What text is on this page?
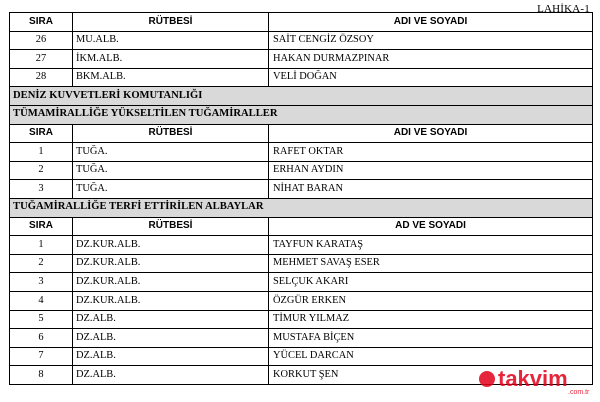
LAHİKA-1
SIRA	RÜTBESİ	ADI VE SOYADI
26	MU.ALB.	SAİT CENGİZ ÖZSOY
27	İKM.ALB.	HAKAN DURMAZPINAR
28	BKM.ALB.	VELİ DOĞAN
DENİZ KUVVETLERİ KOMUTANLIĞI		
TÜMAMİRALLİĞE YÜKSELTİLEN TUĞAMİRALLER		
SIRA	RÜTBESİ	ADI VE SOYADI
1	TUĞA.	RAFET OKTAR
2	TUĞA.	ERHAN AYDIN
3	TUĞA.	NİHAT BARAN
TUĞAMİRALLİĞE TERFİ ETTİRİLEN ALBAYLAR		
SIRA	RÜTBESİ	AD VE SOYADI
1	DZ.KUR.ALB.	TAYFUN KARATAŞ
2	DZ.KUR.ALB.	MEHMET SAVAŞ ESER
3	DZ.KUR.ALB.	SELÇUK AKARI
4	DZ.KUR.ALB.	ÖZGÜR ERKEN
5	DZ.ALB.	TİMUR YILMAZ
6	DZ.ALB.	MUSTAFA BİÇEN
7	DZ.ALB.	YÜCEL DARCAN
8	DZ.ALB.	KORKUT ŞEN	takvim
.com.tr
